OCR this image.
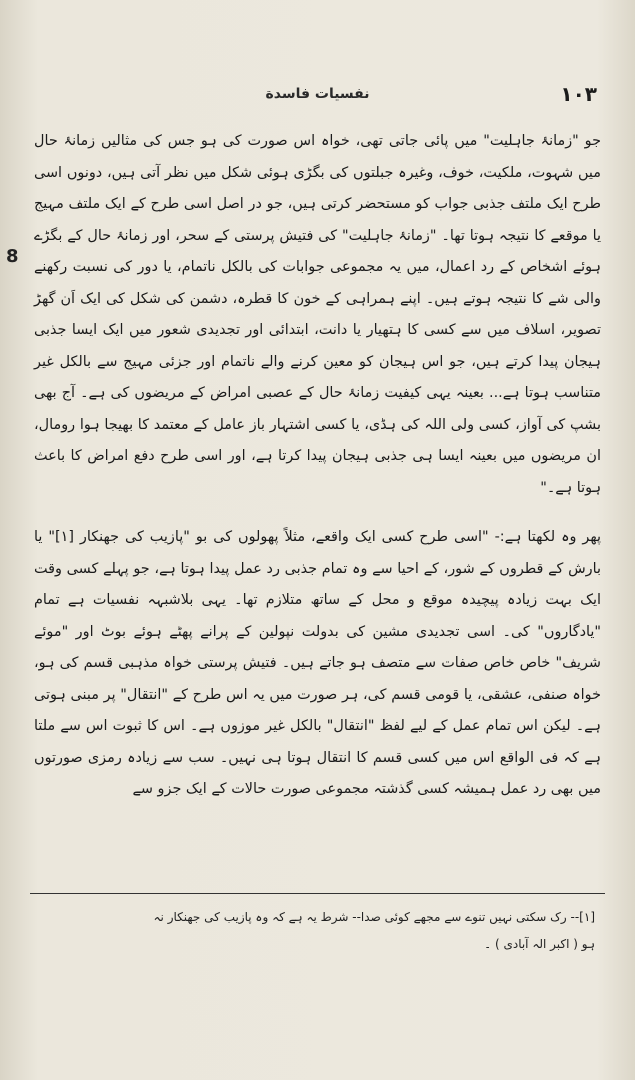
١٠٣
نفسيات فاسدة
8

جو "زمانۂ جاہلیت" میں پائی جاتی تھی، خواہ اس صورت کی ہو جس کی مثالیں زمانۂ حال میں شہوت، ملکیت، خوف، وغیرہ جبلتوں کی بگڑی ہوئی شکل میں نظر آتی ہیں، دونوں اسی طرح ایک ملتف جذبی جواب کو مستحضر کرتی ہیں، جو در اصل اسی طرح کے ایک ملتف مہیج یا موقعے کا نتیجہ ہوتا تھا۔ "زمانۂ جاہلیت" کی فتیش پرستی کے سحر، اور زمانۂ حال کے بگڑے ہوئے اشخاص کے رد اعمال، میں یہ مجموعی جوابات کی بالکل ناتمام، یا دور کی نسبت رکھنے والی شے کا نتیجہ ہوتے ہیں۔ اپنے ہمراہی کے خون کا قطرہ، دشمن کی شکل کی ایک اَن گھڑ تصویر، اسلاف میں سے کسی کا ہتھیار یا دانت، ابتدائی اور تجدیدی شعور میں ایک ایسا جذبی ہیجان پیدا کرتے ہیں، جو اس ہیجان کو معین کرنے والے ناتمام اور جزئی مہیج سے بالکل غیر متناسب ہوتا ہے... بعینہ یہی کیفیت زمانۂ حال کے عصبی امراض کے مریضوں کی ہے۔ آج بھی بشپ کی آواز، کسی ولی اللہ کی ہڈی، یا کسی اشتہار باز عامل کے معتمد کا بھیجا ہوا رومال، ان مریضوں میں بعینہ ایسا ہی جذبی ہیجان پیدا کرتا ہے، اور اسی طرح دفع امراض کا باعث ہوتا ہے۔"

پھر وہ لکھتا ہے:- "اسی طرح کسی ایک واقعے، مثلاً پھولوں کی بو "پازیب کی جھنکار [۱]" یا بارش کے قطروں کے شور، کے احیا سے وہ تمام جذبی رد عمل پیدا ہوتا ہے، جو پہلے کسی وقت ایک بہت زیادہ پیچیدہ موقع و محل کے ساتھ متلازم تھا۔ یہی بلاشبہہ نفسیات ہے تمام "یادگاروں" کی۔ اسی تجدیدی مشین کی بدولت نپولین کے پرانے پھٹے ہوئے بوٹ اور "موئے شریف" خاص خاص صفات سے متصف ہو جاتے ہیں۔ فتیش پرستی خواہ مذہبی قسم کی ہو، خواہ صنفی، عشقی، یا قومی قسم کی، ہر صورت میں یہ اس طرح کے "انتقال" پر مبنی ہوتی ہے۔ لیکن اس تمام عمل کے لیے لفظ "انتقال" بالکل غیر موزوں ہے۔ اس کا ثبوت اس سے ملتا ہے کہ فی الواقع اس میں کسی قسم کا انتقال ہوتا ہی نہیں۔ سب سے زیادہ رمزی صورتوں میں بھی رد عمل ہمیشہ کسی گذشتہ مجموعی صورت حالات کے ایک جزو سے

[۱]-- رک سکتی نہیں تنوے سے مجھے کوئی صدا-- شرط یہ ہے کہ وہ پازیب کی جھنکار نہ
ہو ( اکبر الہ آبادی ) ۔
